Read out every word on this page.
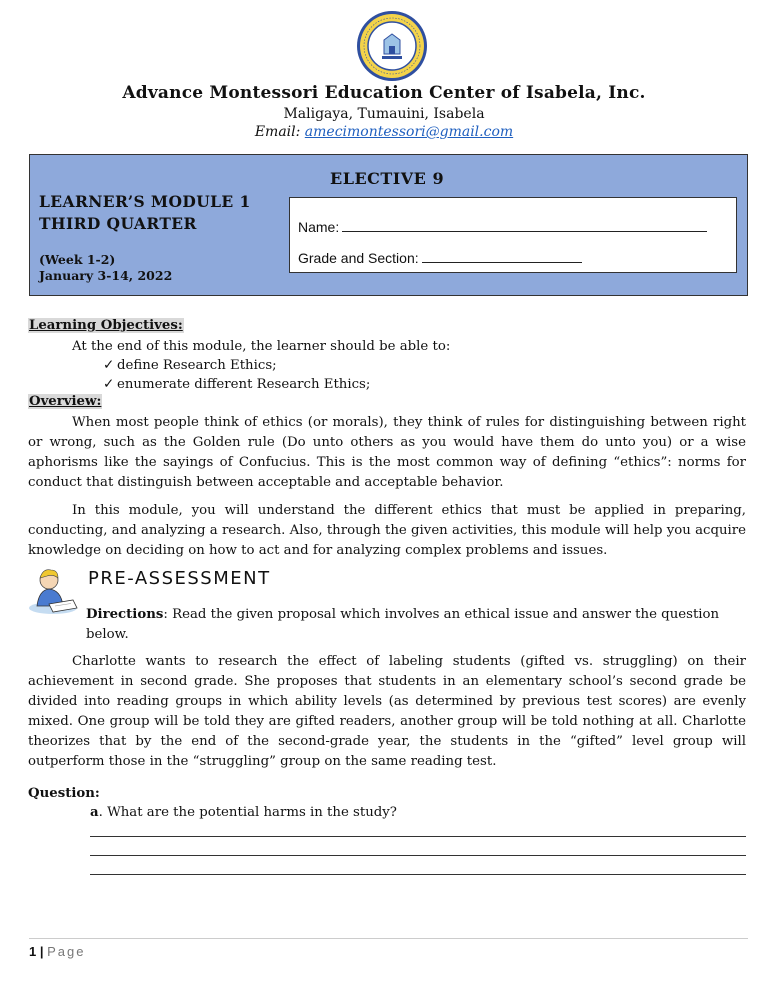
Advance Montessori Education Center of Isabela, Inc.
Maligaya, Tumauini, Isabela
Email: amecimontessori@gmail.com
ELECTIVE 9
LEARNER’S MODULE 1
THIRD QUARTER
(Week 1-2)
January 3-14, 2022
Name:
Grade and Section:
Learning Objectives:
At the end of this module, the learner should be able to:
✓ define Research Ethics;
✓ enumerate different Research Ethics;
Overview:
When most people think of ethics (or morals), they think of rules for distinguishing between right or wrong, such as the Golden rule (Do unto others as you would have them do unto you) or a wise aphorisms like the sayings of Confucius. This is the most common way of defining “ethics”: norms for conduct that distinguish between acceptable and acceptable behavior.
In this module, you will understand the different ethics that must be applied in preparing, conducting, and analyzing a research. Also, through the given activities, this module will help you acquire knowledge on deciding on how to act and for analyzing complex problems and issues.
PRE-ASSESSMENT
Directions: Read the given proposal which involves an ethical issue and answer the question below.
Charlotte wants to research the effect of labeling students (gifted vs. struggling) on their achievement in second grade. She proposes that students in an elementary school’s second grade be divided into reading groups in which ability levels (as determined by previous test scores) are evenly mixed. One group will be told they are gifted readers, another group will be told nothing at all. Charlotte theorizes that by the end of the second-grade year, the students in the “gifted” level group will outperform those in the “struggling” group on the same reading test.
Question:
a. What are the potential harms in the study?
1 | Page
